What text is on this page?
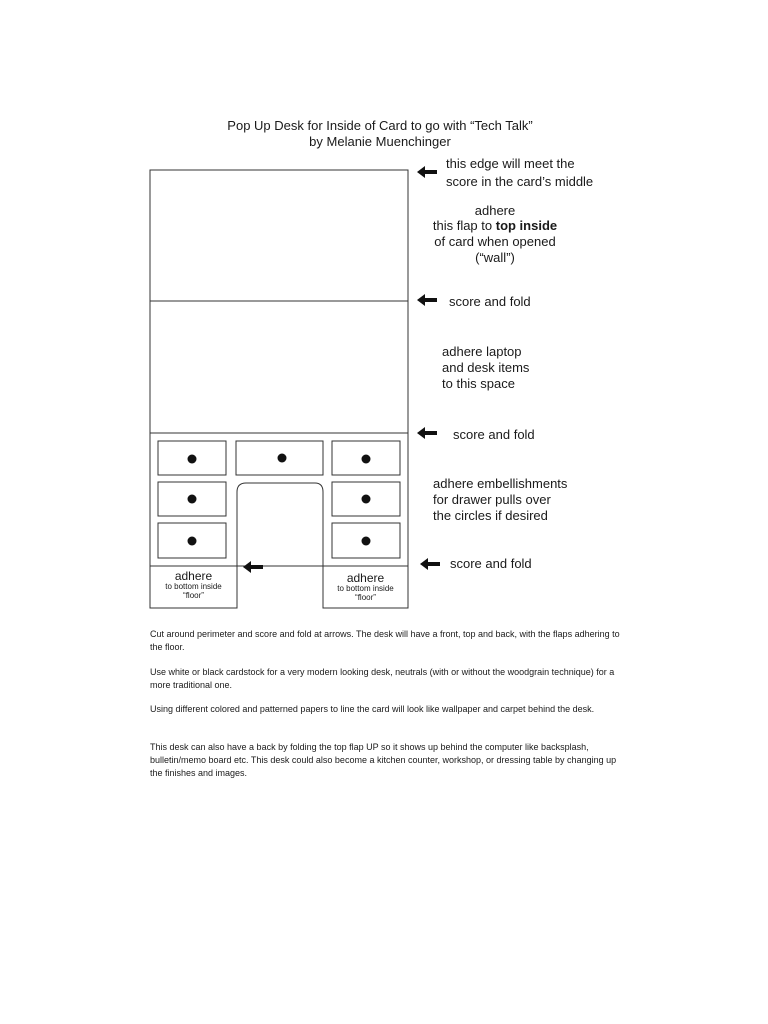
Pop Up Desk for Inside of Card to go with “Tech Talk”
by Melanie Muenchinger
this edge will meet the
score in the card’s middle
adhere
this flap to top inside
of card when opened
(“wall”)
score and fold
adhere laptop
and desk items
to this space
score and fold
adhere embellishments
for drawer pulls over
the circles if desired
score and fold
adhere
to bottom inside
“floor”
adhere
to bottom inside
“floor”
Cut around perimeter and score and fold at arrows. The desk will have a front, top and back, with the flaps adhering to the floor.
Use white or black cardstock for a very modern looking desk, neutrals (with or without the woodgrain technique) for a more traditional one.
Using different colored and patterned papers to line the card will look like wallpaper and carpet behind the desk.
This desk can also have a back by folding the top flap UP so it shows up behind the computer like backsplash, bulletin/memo board etc. This desk could also become a kitchen counter, workshop, or dressing table by changing up the finishes and images.
